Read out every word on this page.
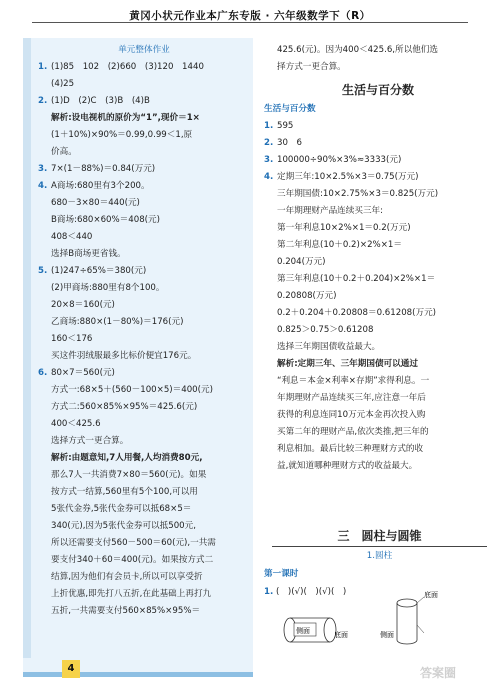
黄冈小状元作业本广东专版 · 六年级数学下（R）
单元整体作业
1. (1)85　102　(2)660　(3)120　1440
(4)25
2. (1)D　(2)C　(3)B　(4)B
解析:设电视机的原价为“1”,现价＝1×
(1＋10%)×90%＝0.99,0.99＜1,原
价高。
3. 7×(1－88%)＝0.84(万元)
4. A商场:680里有3个200。
680－3×80＝440(元)
B商场:680×60%＝408(元)
408＜440
选择B商场更省钱。
5. (1)247÷65%＝380(元)
(2)甲商场:880里有8个100。
20×8＝160(元)
乙商场:880×(1－80%)＝176(元)
160＜176
买这件羽绒服最多比标价便宜176元。
6. 80×7＝560(元)
方式一:68×5＋(560－100×5)＝400(元)
方式二:560×85%×95%＝425.6(元)
400＜425.6
选择方式一更合算。
解析:由题意知,7人用餐,人均消费80元,
那么7人一共消费7×80＝560(元)。如果
按方式一结算,560里有5个100,可以用
5张代金券,5张代金券可以抵68×5＝
340(元),因为5张代金券可以抵500元,
所以还需要支付560－500＝60(元),一共需
要支付340＋60＝400(元)。如果按方式二
结算,因为他们有会员卡,所以可以享受折
上折优惠,即先打八五折,在此基础上再打九
五折,一共需要支付560×85%×95%＝
425.6(元)。因为400＜425.6,所以他们选
择方式一更合算。
生活与百分数
生活与百分数
1. 595
2. 30　6
3. 100000÷90%×3%≈3333(元)
4. 定期三年:10×2.5%×3＝0.75(万元)
三年期国债:10×2.75%×3＝0.825(万元)
一年期理财产品连续买三年:
第一年利息10×2%×1＝0.2(万元)
第二年利息(10＋0.2)×2%×1＝
0.204(万元)
第三年利息(10＋0.2＋0.204)×2%×1＝
0.20808(万元)
0.2＋0.204＋0.20808＝0.61208(万元)
0.825＞0.75＞0.61208
选择三年期国债收益最大。
解析:定期三年、三年期国债可以通过
“利息＝本金×利率×存期”求得利息。一
年期理财产品连续买三年,应注意一年后
获得的利息连同10万元本金再次投入购
买第二年的理财产品,依次类推,把三年的
利息相加。最后比较三种理财方式的收
益,就知道哪种理财方式的收益最大。
三　圆柱与圆锥
1.圆柱
第一课时
1. (　)(√)(　)(√)(　)
侧面	底面	侧面
底面
4	答案圈
